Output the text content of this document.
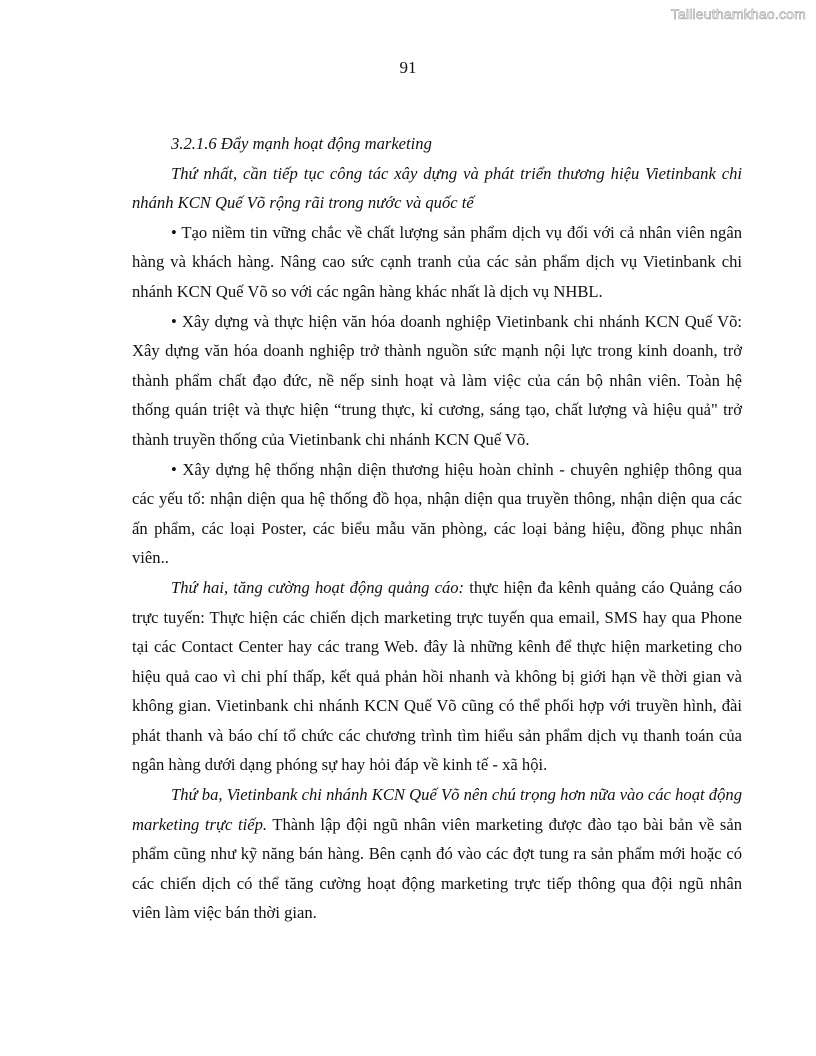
Tailieuthamkhao.com
91

3.2.1.6 Đẩy mạnh hoạt động marketing

Thứ nhất, cần tiếp tục công tác xây dựng và phát triển thương hiệu Vietinbank chi nhánh KCN Quế Võ rộng rãi trong nước và quốc tế

• Tạo niềm tin vững chắc về chất lượng sản phẩm dịch vụ đối với cả nhân viên ngân hàng và khách hàng. Nâng cao sức cạnh tranh của các sản phẩm dịch vụ Vietinbank chi nhánh KCN Quế Võ so với các ngân hàng khác nhất là dịch vụ NHBL.

• Xây dựng và thực hiện văn hóa doanh nghiệp Vietinbank chi nhánh KCN Quế Võ: Xây dựng văn hóa doanh nghiệp trở thành nguồn sức mạnh nội lực trong kinh doanh, trở thành phẩm chất đạo đức, nề nếp sinh hoạt và làm việc của cán bộ nhân viên. Toàn hệ thống quán triệt và thực hiện “trung thực, kỉ cương, sáng tạo, chất lượng và hiệu quả" trở thành truyền thống của Vietinbank chi nhánh KCN Quế Võ.

• Xây dựng hệ thống nhận diện thương hiệu hoàn chỉnh - chuyên nghiệp thông qua các yếu tố: nhận diện qua hệ thống đồ họa, nhận diện qua truyền thông, nhận diện qua các ấn phẩm, các loại Poster, các biểu mẫu văn phòng, các loại bảng hiệu, đồng phục nhân viên..

Thứ hai, tăng cường hoạt động quảng cáo: thực hiện đa kênh quảng cáo Quảng cáo trực tuyến: Thực hiện các chiến dịch marketing trực tuyến qua email, SMS hay qua Phone tại các Contact Center hay các trang Web. đây là những kênh để thực hiện marketing cho hiệu quả cao vì chi phí thấp, kết quả phản hồi nhanh và không bị giới hạn về thời gian và không gian. Vietinbank chi nhánh KCN Quế Võ cũng có thể phối hợp với truyền hình, đài phát thanh và báo chí tổ chức các chương trình tìm hiểu sản phẩm dịch vụ thanh toán của ngân hàng dưới dạng phóng sự hay hỏi đáp về kinh tế - xã hội.

Thứ ba, Vietinbank chi nhánh KCN Quế Võ nên chú trọng hơn nữa vào các hoạt động marketing trực tiếp. Thành lập đội ngũ nhân viên marketing được đào tạo bài bản về sản phẩm cũng như kỹ năng bán hàng. Bên cạnh đó vào các đợt tung ra sản phẩm mới hoặc có các chiến dịch có thể tăng cường hoạt động marketing trực tiếp thông qua đội ngũ nhân viên làm việc bán thời gian.
